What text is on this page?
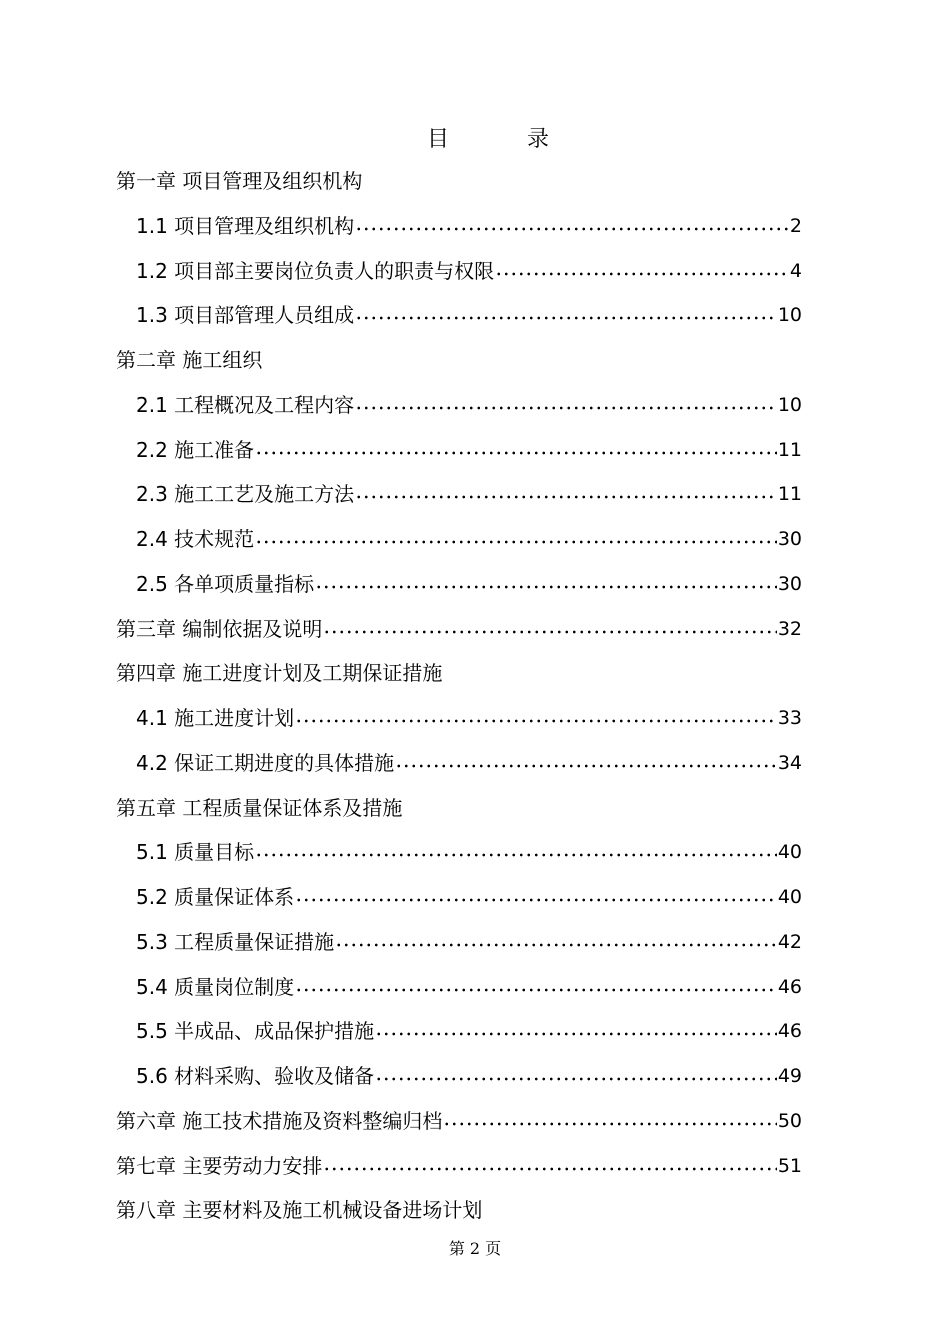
目	录
第一章 项目管理及组织机构
1.1 项目管理及组织机构	2
1.2 项目部主要岗位负责人的职责与权限	4
1.3 项目部管理人员组成	10
第二章 施工组织
2.1 工程概况及工程内容	10
2.2 施工准备	11
2.3 施工工艺及施工方法	11
2.4 技术规范	30
2.5 各单项质量指标	30
第三章 编制依据及说明	32
第四章 施工进度计划及工期保证措施
4.1 施工进度计划	33
4.2 保证工期进度的具体措施	34
第五章 工程质量保证体系及措施
5.1 质量目标	40
5.2 质量保证体系	40
5.3 工程质量保证措施	42
5.4 质量岗位制度	46
5.5 半成品、成品保护措施	46
5.6 材料采购、验收及储备	49
第六章 施工技术措施及资料整编归档	50
第七章 主要劳动力安排	51
第八章 主要材料及施工机械设备进场计划
第 2 页
